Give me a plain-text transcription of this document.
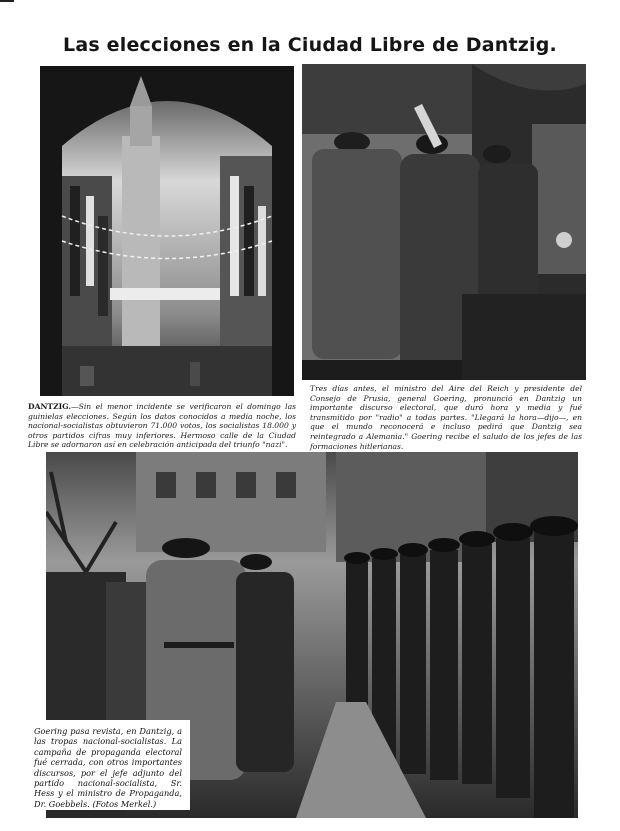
Las elecciones en la Ciudad Libre de Dantzig.
DANTZIG.—Sin el menor incidente se verificaron el domingo las guinielas elecciones. Según los datos conocidos a media noche, los nacional-socialistas obtuvieron 71.000 votos, los socialistas 18.000 y otros partidos cifras muy inferiores. Hermoso calle de la Ciudad Libre se adornaron así en celebración anticipada del triunfo "nazi".
Tres días antes, el ministro del Aire del Reich y presidente del Consejo de Prusia, general Goering, pronunció en Dantzig un importante discurso electoral, que duró hora y media y fué transmitido por "radio" a todas partes. "Llegará la hora—dijo—, en que el mundo reconocerá e incluso pedirá que Dantzig sea reintegrado a Alemania." Goering recibe el saludo de los jefes de las formaciones hitlerianas.
Goering pasa revista, en Dantzig, a las tropas nacional-socialistas. La campaña de propaganda electoral fué cerrada, con otros importantes discursos, por el jefe adjunto del partido nacional-socialista, Sr. Hess y el ministro de Propaganda, Dr. Goebbels. (Fotos Merkel.)
